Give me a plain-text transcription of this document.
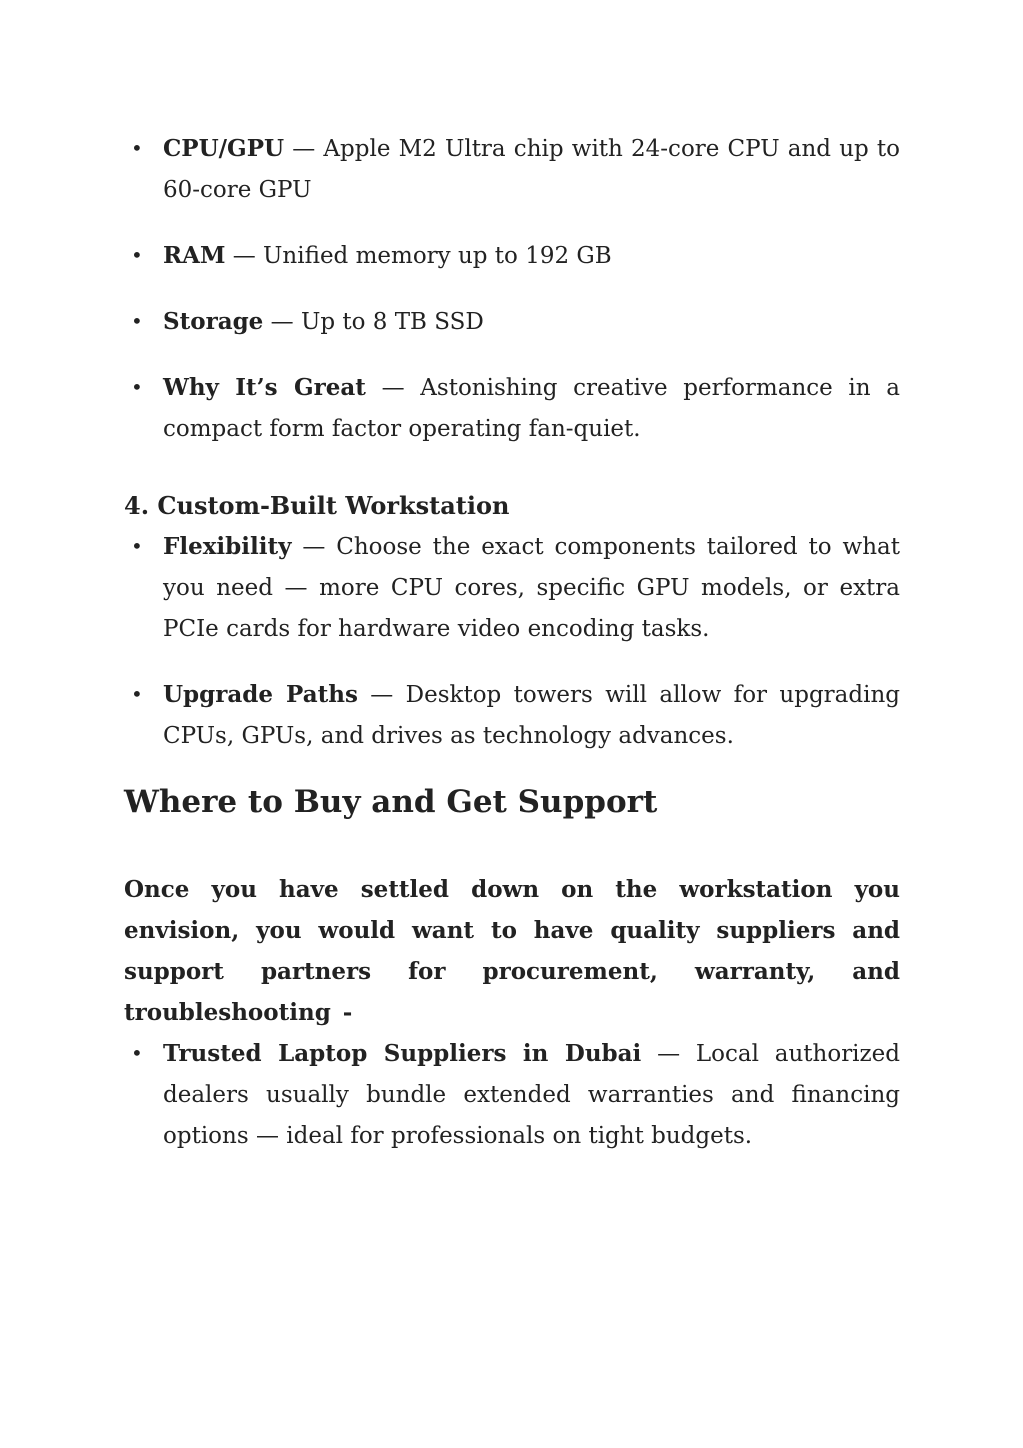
• CPU/GPU — Apple M2 Ultra chip with 24-core CPU and up to 60-core GPU
• RAM — Unified memory up to 192 GB
• Storage — Up to 8 TB SSD
• Why It’s Great — Astonishing creative performance in a compact form factor operating fan-quiet.
4. Custom-Built Workstation
• Flexibility — Choose the exact components tailored to what you need — more CPU cores, specific GPU models, or extra PCIe cards for hardware video encoding tasks.
• Upgrade Paths — Desktop towers will allow for upgrading CPUs, GPUs, and drives as technology advances.
Where to Buy and Get Support
Once you have settled down on the workstation you envision, you would want to have quality suppliers and support partners for procurement, warranty, and troubleshooting -
• Trusted Laptop Suppliers in Dubai — Local authorized dealers usually bundle extended warranties and financing options — ideal for professionals on tight budgets.
